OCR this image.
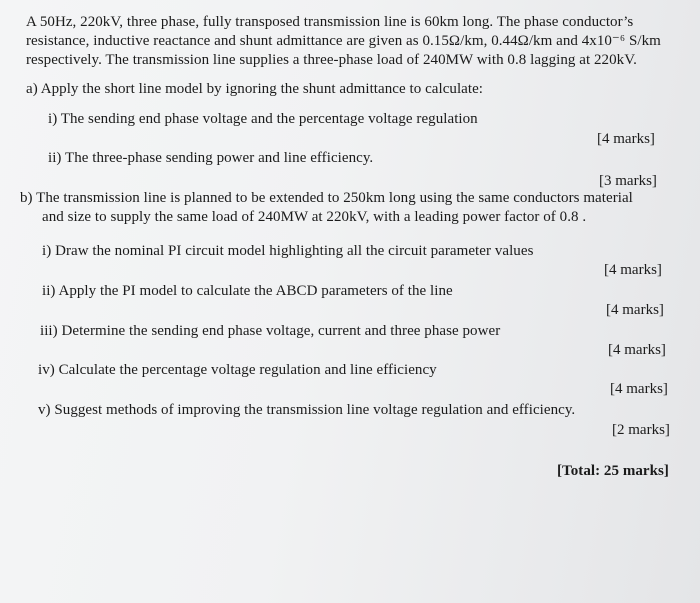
A 50Hz, 220kV, three phase, fully transposed transmission line is 60km long. The phase conductor’s
resistance, inductive reactance and shunt admittance are given as 0.15Ω/km, 0.44Ω/km and 4x10⁻⁶ S/km
respectively. The transmission line supplies a three-phase load of 240MW with 0.8 lagging at 220kV.
a) Apply the short line model by ignoring the shunt admittance to calculate:
i) The sending end phase voltage and the percentage voltage regulation
[4 marks]
ii) The three-phase sending power and line efficiency.
[3 marks]
b) The transmission line is planned to be extended to 250km long using the same conductors material
and size to supply the same load of 240MW at 220kV, with a leading power factor of 0.8 .
i) Draw the nominal PI circuit model highlighting all the circuit parameter values
[4 marks]
ii) Apply the PI model to calculate the ABCD parameters of the line
[4 marks]
iii) Determine the sending end phase voltage, current and three phase power
[4 marks]
iv) Calculate the percentage voltage regulation and line efficiency
[4 marks]
v) Suggest methods of improving the transmission line voltage regulation and efficiency.
[2 marks]
[Total: 25 marks]
